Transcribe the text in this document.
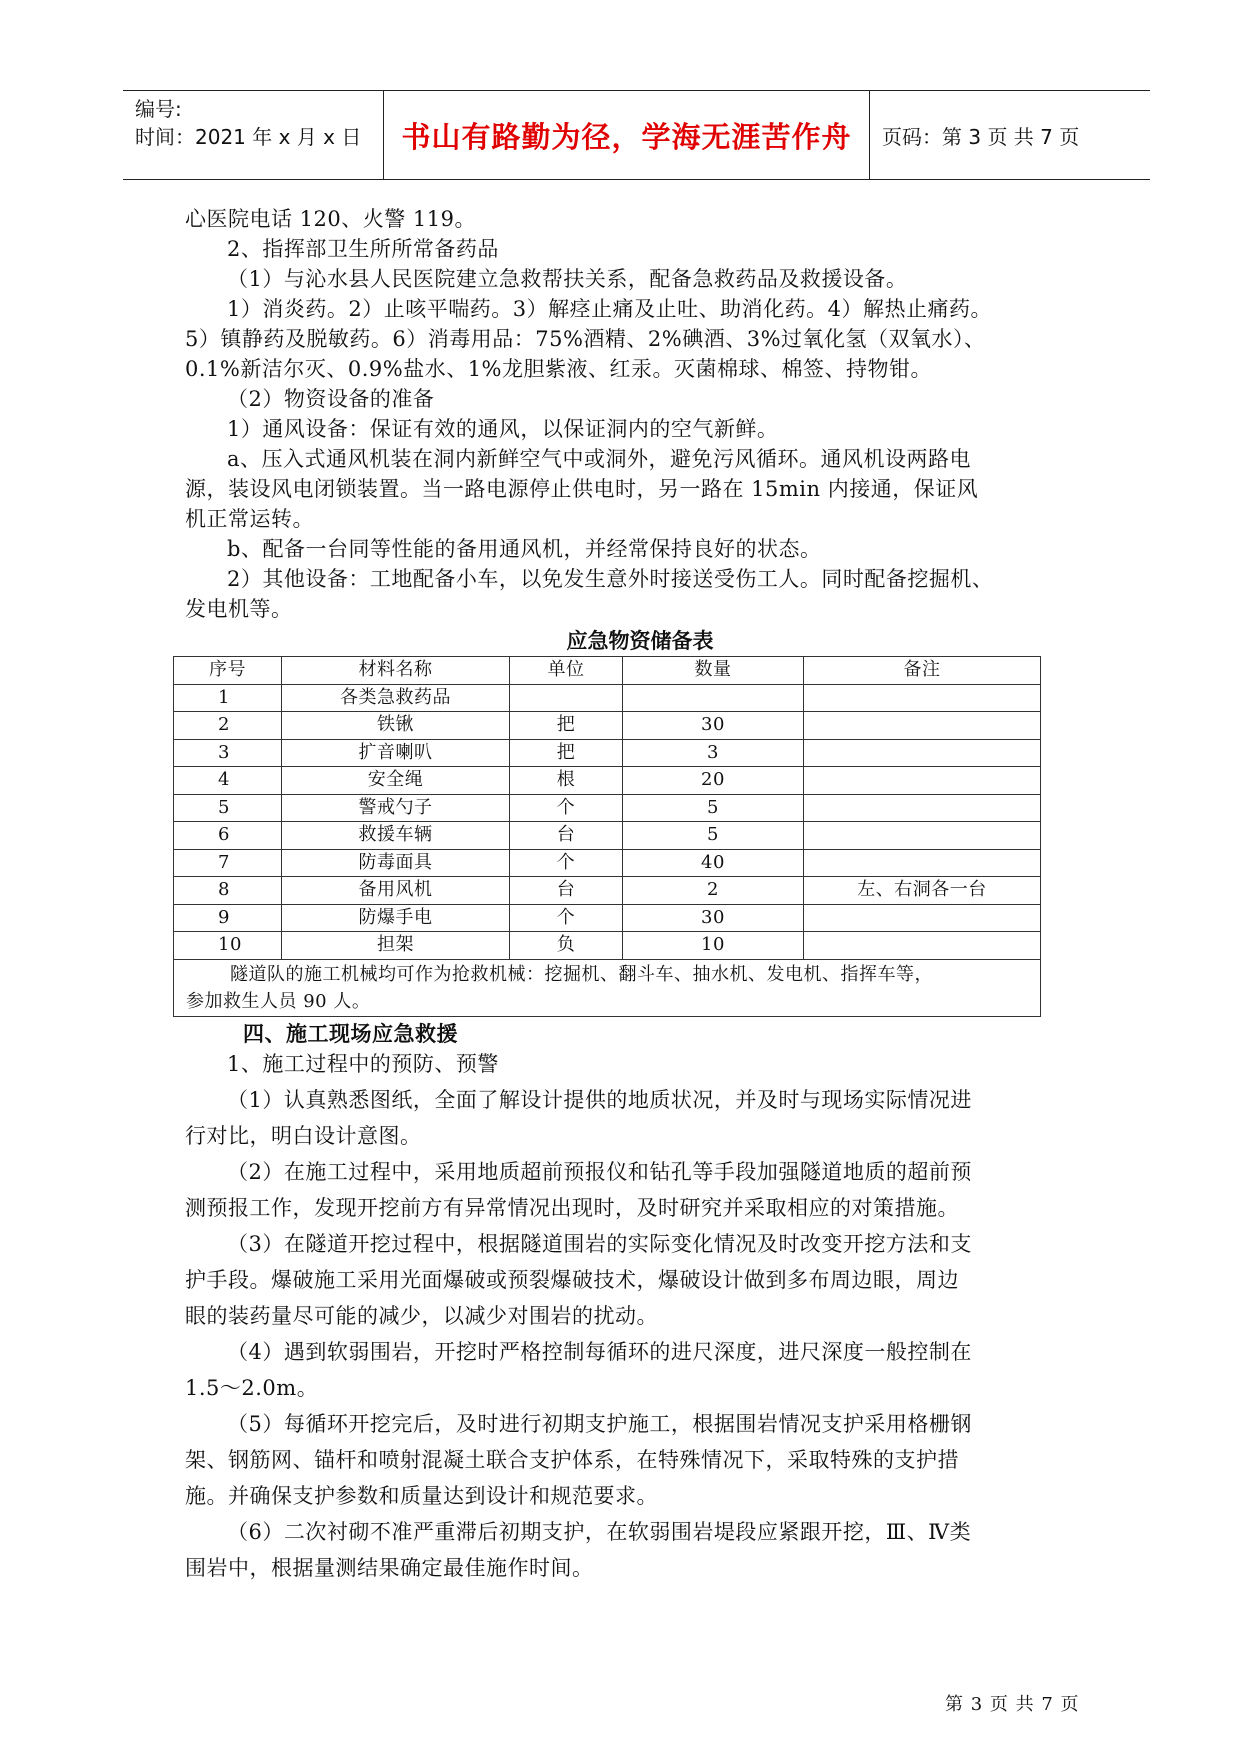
编号:
时间：2021 年 x 月 x 日 书山有路勤为径，学海无涯苦作舟	页码：第 3 页 共 7 页

心医院电话 120、火警 119。

2、指挥部卫生所所常备药品

（1）与沁水县人民医院建立急救帮扶关系，配备急救药品及救援设备。

1）消炎药。2）止咳平喘药。3）解痉止痛及止吐、助消化药。4）解热止痛药。

5）镇静药及脱敏药。6）消毒用品：75%酒精、2%碘酒、3%过氧化氢（双氧水）、

0.1%新洁尔灭、0.9%盐水、1%龙胆紫液、红汞。灭菌棉球、棉签、持物钳。

（2）物资设备的准备

1）通风设备：保证有效的通风，以保证洞内的空气新鲜。

a、压入式通风机装在洞内新鲜空气中或洞外，避免污风循环。通风机设两路电

源，装设风电闭锁装置。当一路电源停止供电时，另一路在 15min 内接通，保证风

机正常运转。

b、配备一台同等性能的备用通风机，并经常保持良好的状态。

2）其他设备：工地配备小车，以免发生意外时接送受伤工人。同时配备挖掘机、

发电机等。

应急物资储备表

序号	材料名称	单位	数量	备注
1	各类急救药品			
2	铁锹	把	30	
3	扩音喇叭	把	3	
4	安全绳	根	20	
5	警戒勺子	个	5	
6	救援车辆	台	5	
7	防毒面具	个	40	
8	备用风机	台	2	左、右洞各一台
9	防爆手电	个	30	
10	担架	负	10	

隧道队的施工机械均可作为抢救机械：挖掘机、翻斗车、抽水机、发电机、指挥车等，
参加救生人员 90 人。				

四、施工现场应急救援

1、施工过程中的预防、预警

（1）认真熟悉图纸，全面了解设计提供的地质状况，并及时与现场实际情况进

行对比，明白设计意图。

（2）在施工过程中，采用地质超前预报仪和钻孔等手段加强隧道地质的超前预

测预报工作，发现开挖前方有异常情况出现时，及时研究并采取相应的对策措施。

（3）在隧道开挖过程中，根据隧道围岩的实际变化情况及时改变开挖方法和支

护手段。爆破施工采用光面爆破或预裂爆破技术，爆破设计做到多布周边眼，周边

眼的装药量尽可能的减少，以减少对围岩的扰动。

（4）遇到软弱围岩，开挖时严格控制每循环的进尺深度，进尺深度一般控制在

1.5～2.0m。

（5）每循环开挖完后，及时进行初期支护施工，根据围岩情况支护采用格栅钢

架、钢筋网、锚杆和喷射混凝土联合支护体系，在特殊情况下，采取特殊的支护措

施。并确保支护参数和质量达到设计和规范要求。

（6）二次衬砌不准严重滞后初期支护，在软弱围岩堤段应紧跟开挖，Ⅲ、Ⅳ类

围岩中，根据量测结果确定最佳施作时间。

第 3 页 共 7 页
